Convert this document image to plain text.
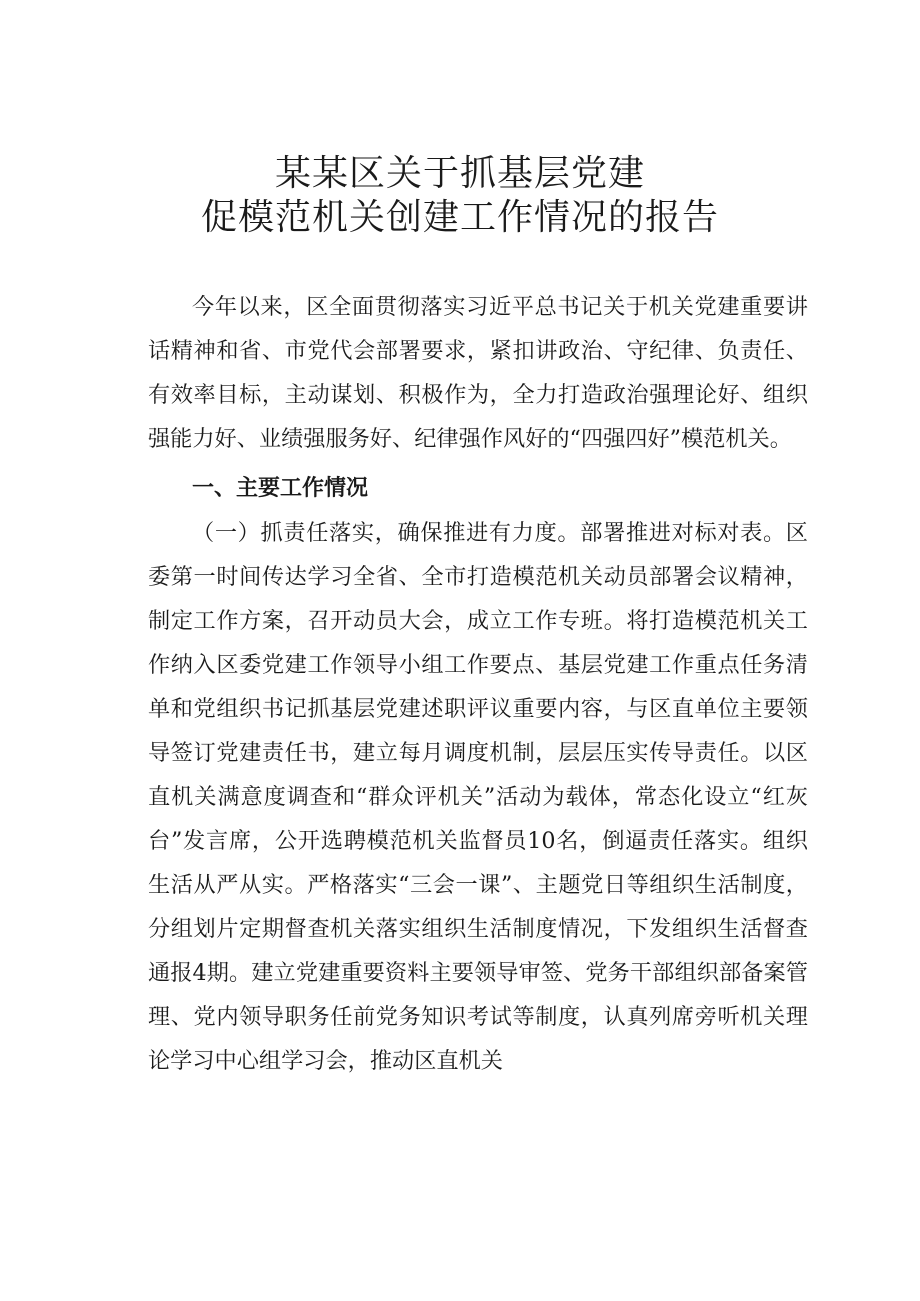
某某区关于抓基层党建
促模范机关创建工作情况的报告

今年以来，区全面贯彻落实习近平总书记关于机关党建重要讲话精神和省、市党代会部署要求，紧扣讲政治、守纪律、负责任、有效率目标，主动谋划、积极作为，全力打造政治强理论好、组织强能力好、业绩强服务好、纪律强作风好的“四强四好”模范机关。

一、主要工作情况

（一）抓责任落实，确保推进有力度。部署推进对标对表。区委第一时间传达学习全省、全市打造模范机关动员部署会议精神，制定工作方案，召开动员大会，成立工作专班。将打造模范机关工作纳入区委党建工作领导小组工作要点、基层党建工作重点任务清单和党组织书记抓基层党建述职评议重要内容，与区直单位主要领导签订党建责任书，建立每月调度机制，层层压实传导责任。以区直机关满意度调查和“群众评机关”活动为载体，常态化设立“红灰台”发言席，公开选聘模范机关监督员10名，倒逼责任落实。组织生活从严从实。严格落实“三会一课”、主题党日等组织生活制度，分组划片定期督查机关落实组织生活制度情况，下发组织生活督查通报4期。建立党建重要资料主要领导审签、党务干部组织部备案管理、党内领导职务任前党务知识考试等制度，认真列席旁听机关理论学习中心组学习会，推动区直机关
